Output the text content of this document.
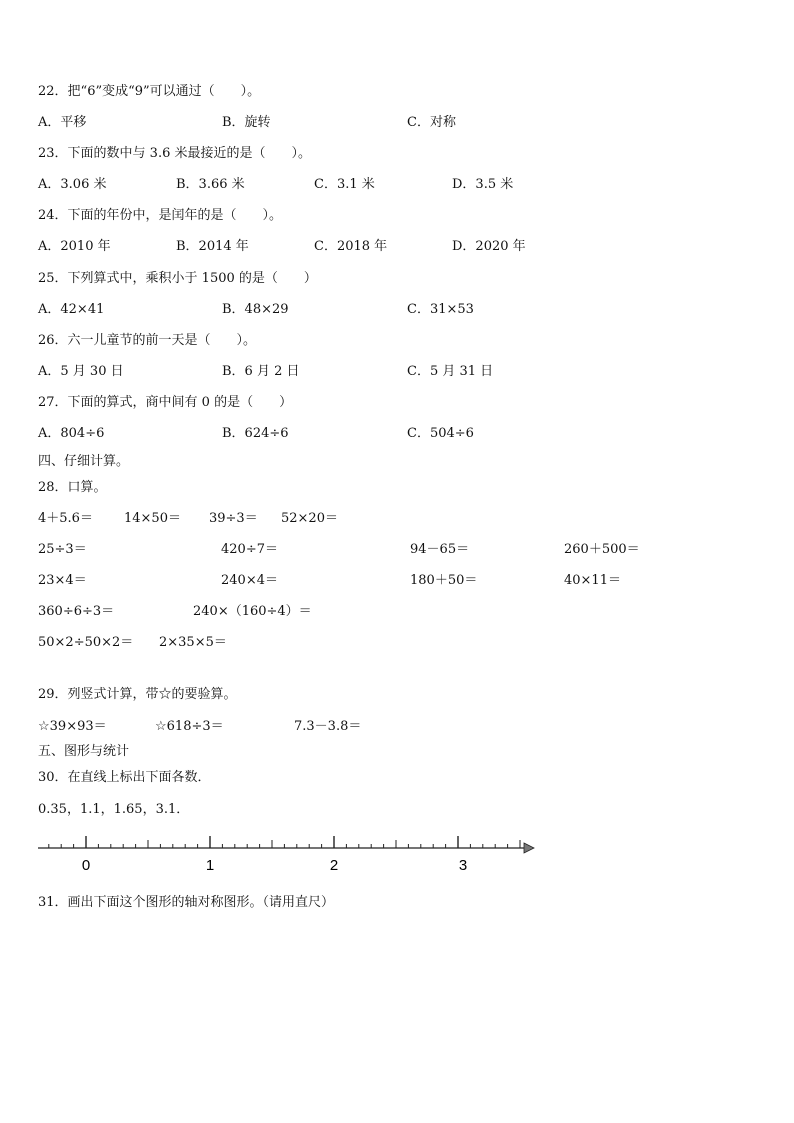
22．把“6”变成“9”可以通过（　　）。
A．平移	B．旋转	C．对称
23．下面的数中与 3.6 米最接近的是（　　）。
A．3.06 米	B．3.66 米	C．3.1 米	D．3.5 米
24．下面的年份中，是闰年的是（　　）。
A．2010 年	B．2014 年	C．2018 年	D．2020 年
25．下列算式中，乘积小于 1500 的是（　　）
A．42×41	B．48×29	C．31×53
26．六一儿童节的前一天是（　　）。
A．5 月 30 日	B．6 月 2 日	C．5 月 31 日
27．下面的算式，商中间有 0 的是（　　）
A．804÷6	B．624÷6	C．504÷6
四、仔细计算。
28．口算。
4＋5.6＝ 14×50＝ 39÷3＝ 52×20＝
25÷3＝	420÷7＝	94－65＝	260＋500＝
23×4＝	240×4＝	180＋50＝	40×11＝
360÷6÷3＝	240×（160÷4）＝
50×2÷50×2＝ 2×35×5＝
29．列竖式计算，带☆的要验算。
☆39×93＝	☆618÷3＝	7.3－3.8＝
五、图形与统计
30．在直线上标出下面各数．
0.35，1.1，1.65，3.1．
0	1	2	3
31．画出下面这个图形的轴对称图形。（请用直尺）
